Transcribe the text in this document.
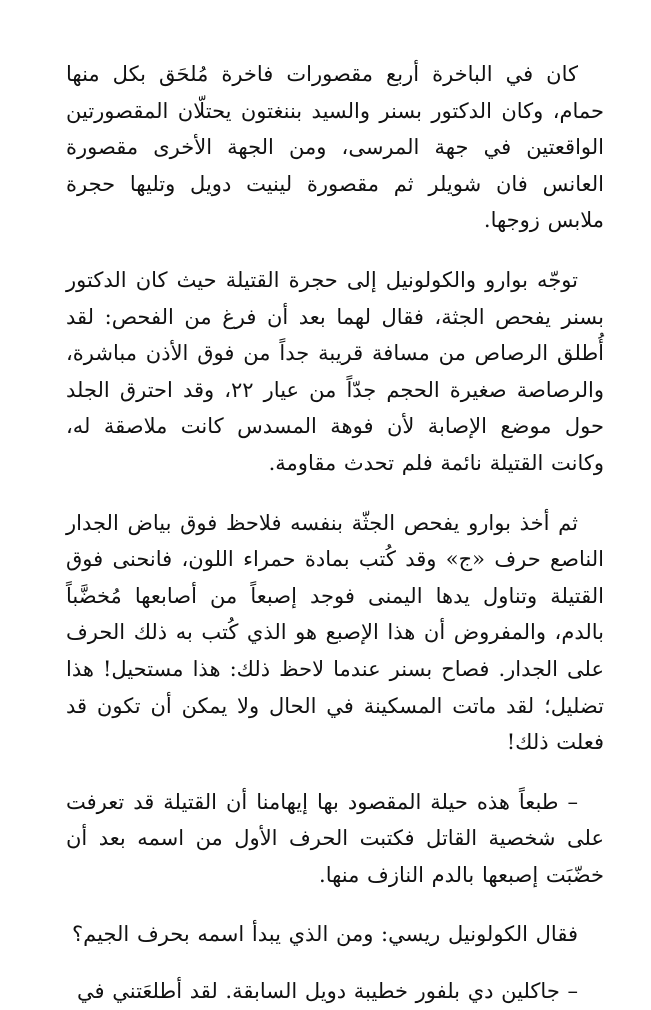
كان في الباخرة أربع مقصورات فاخرة مُلحَق بكل منها حمام، وكان الدكتور بسنر والسيد بننغتون يحتلّان المقصورتين الواقعتين في جهة المرسى، ومن الجهة الأخرى مقصورة العانس فان شويلر ثم مقصورة لينيت دويل وتليها حجرة ملابس زوجها.

توجّه بوارو والكولونيل إلى حجرة القتيلة حيث كان الدكتور بسنر يفحص الجثة، فقال لهما بعد أن فرغ من الفحص: لقد أُطلق الرصاص من مسافة قريبة جداً من فوق الأذن مباشرة، والرصاصة صغيرة الحجم جدّاً من عيار ٢٢، وقد احترق الجلد حول موضع الإصابة لأن فوهة المسدس كانت ملاصقة له، وكانت القتيلة نائمة فلم تحدث مقاومة.

ثم أخذ بوارو يفحص الجثّة بنفسه فلاحظ فوق بياض الجدار الناصع حرف «ج» وقد كُتب بمادة حمراء اللون، فانحنى فوق القتيلة وتناول يدها اليمنى فوجد إصبعاً من أصابعها مُخضَّباً بالدم، والمفروض أن هذا الإصبع هو الذي كُتب به ذلك الحرف على الجدار. فصاح بسنر عندما لاحظ ذلك: هذا مستحيل! هذا تضليل؛ لقد ماتت المسكينة في الحال ولا يمكن أن تكون قد فعلت ذلك!

– طبعاً هذه حيلة المقصود بها إيهامنا أن القتيلة قد تعرفت على شخصية القاتل فكتبت الحرف الأول من اسمه بعد أن خضّبَت إصبعها بالدم النازف منها.

فقال الكولونيل ريسي: ومن الذي يبدأ اسمه بحرف الجيم؟

– جاكلين دي بلفور خطيبة دويل السابقة. لقد أطلعَتني في
